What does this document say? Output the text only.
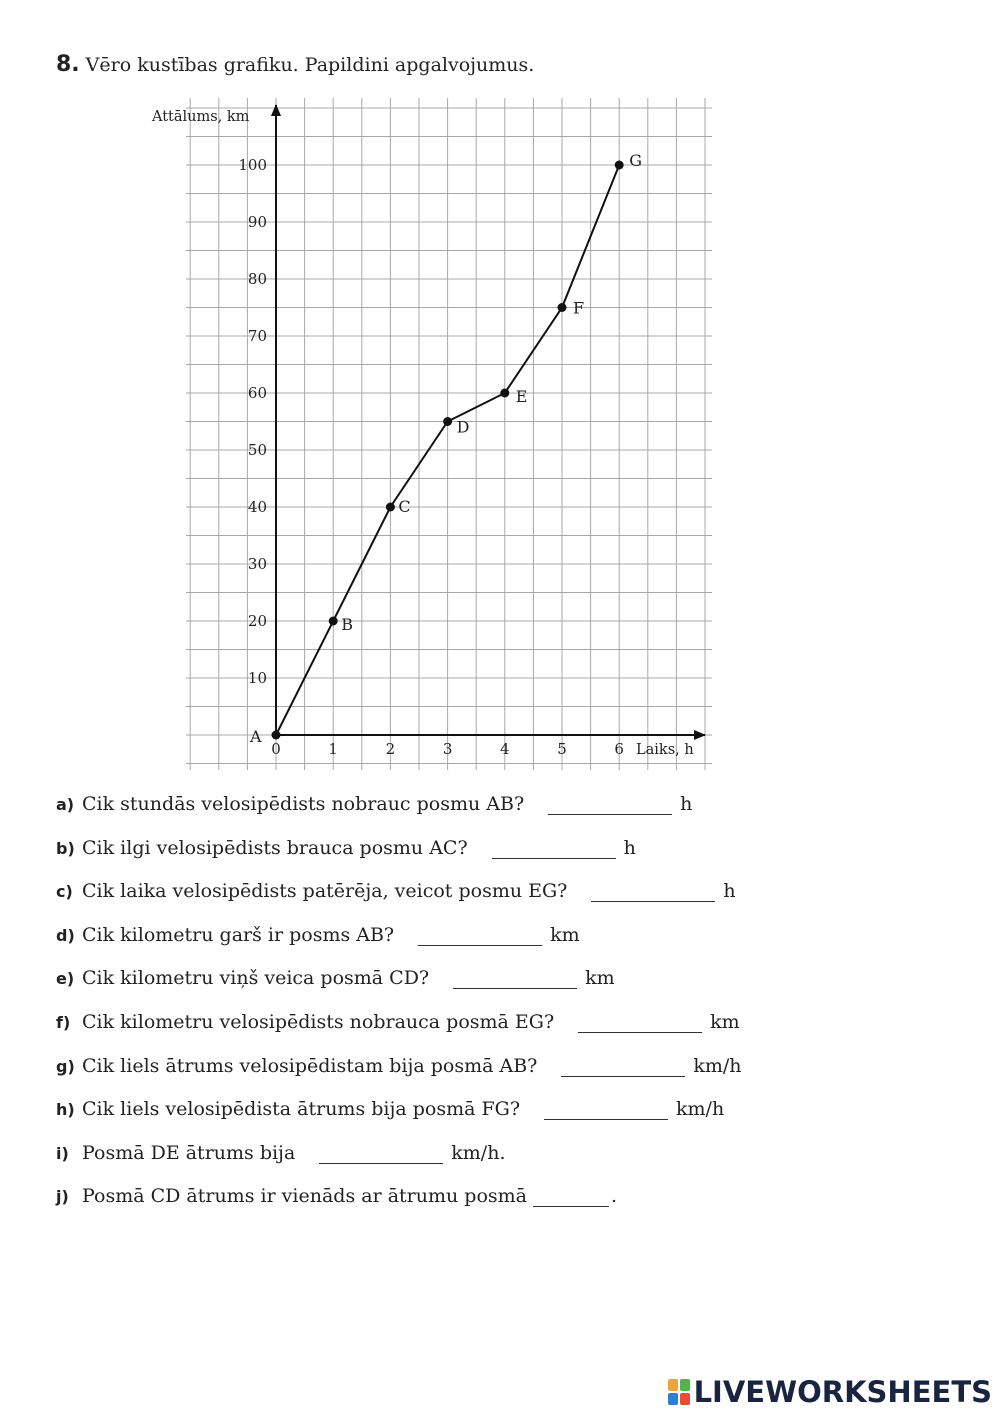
8. Vēro kustības grafiku. Papildini apgalvojumus.
Attālums, km
Laiks, h
0	1	2	3	4	5	6
10
20
30
40
50
60
70
80
90
100
A
B
C
D
E
F
G
a) Cik stundās velosipēdists nobrauc posmu AB?	h
b) Cik ilgi velosipēdists brauca posmu AC?	h
c) Cik laika velosipēdists patērēja, veicot posmu EG?	h
d) Cik kilometru garš ir posms AB?	km
e) Cik kilometru viņš veica posmā CD?	km
f) Cik kilometru velosipēdists nobrauca posmā EG?	km
g) Cik liels ātrums velosipēdistam bija posmā AB?	km/h
h) Cik liels velosipēdista ātrums bija posmā FG?	km/h
i) Posmā DE ātrums bija	km/h.
j) Posmā CD ātrums ir vienāds ar ātrumu posmā	.
LIVEWORKSHEETS
